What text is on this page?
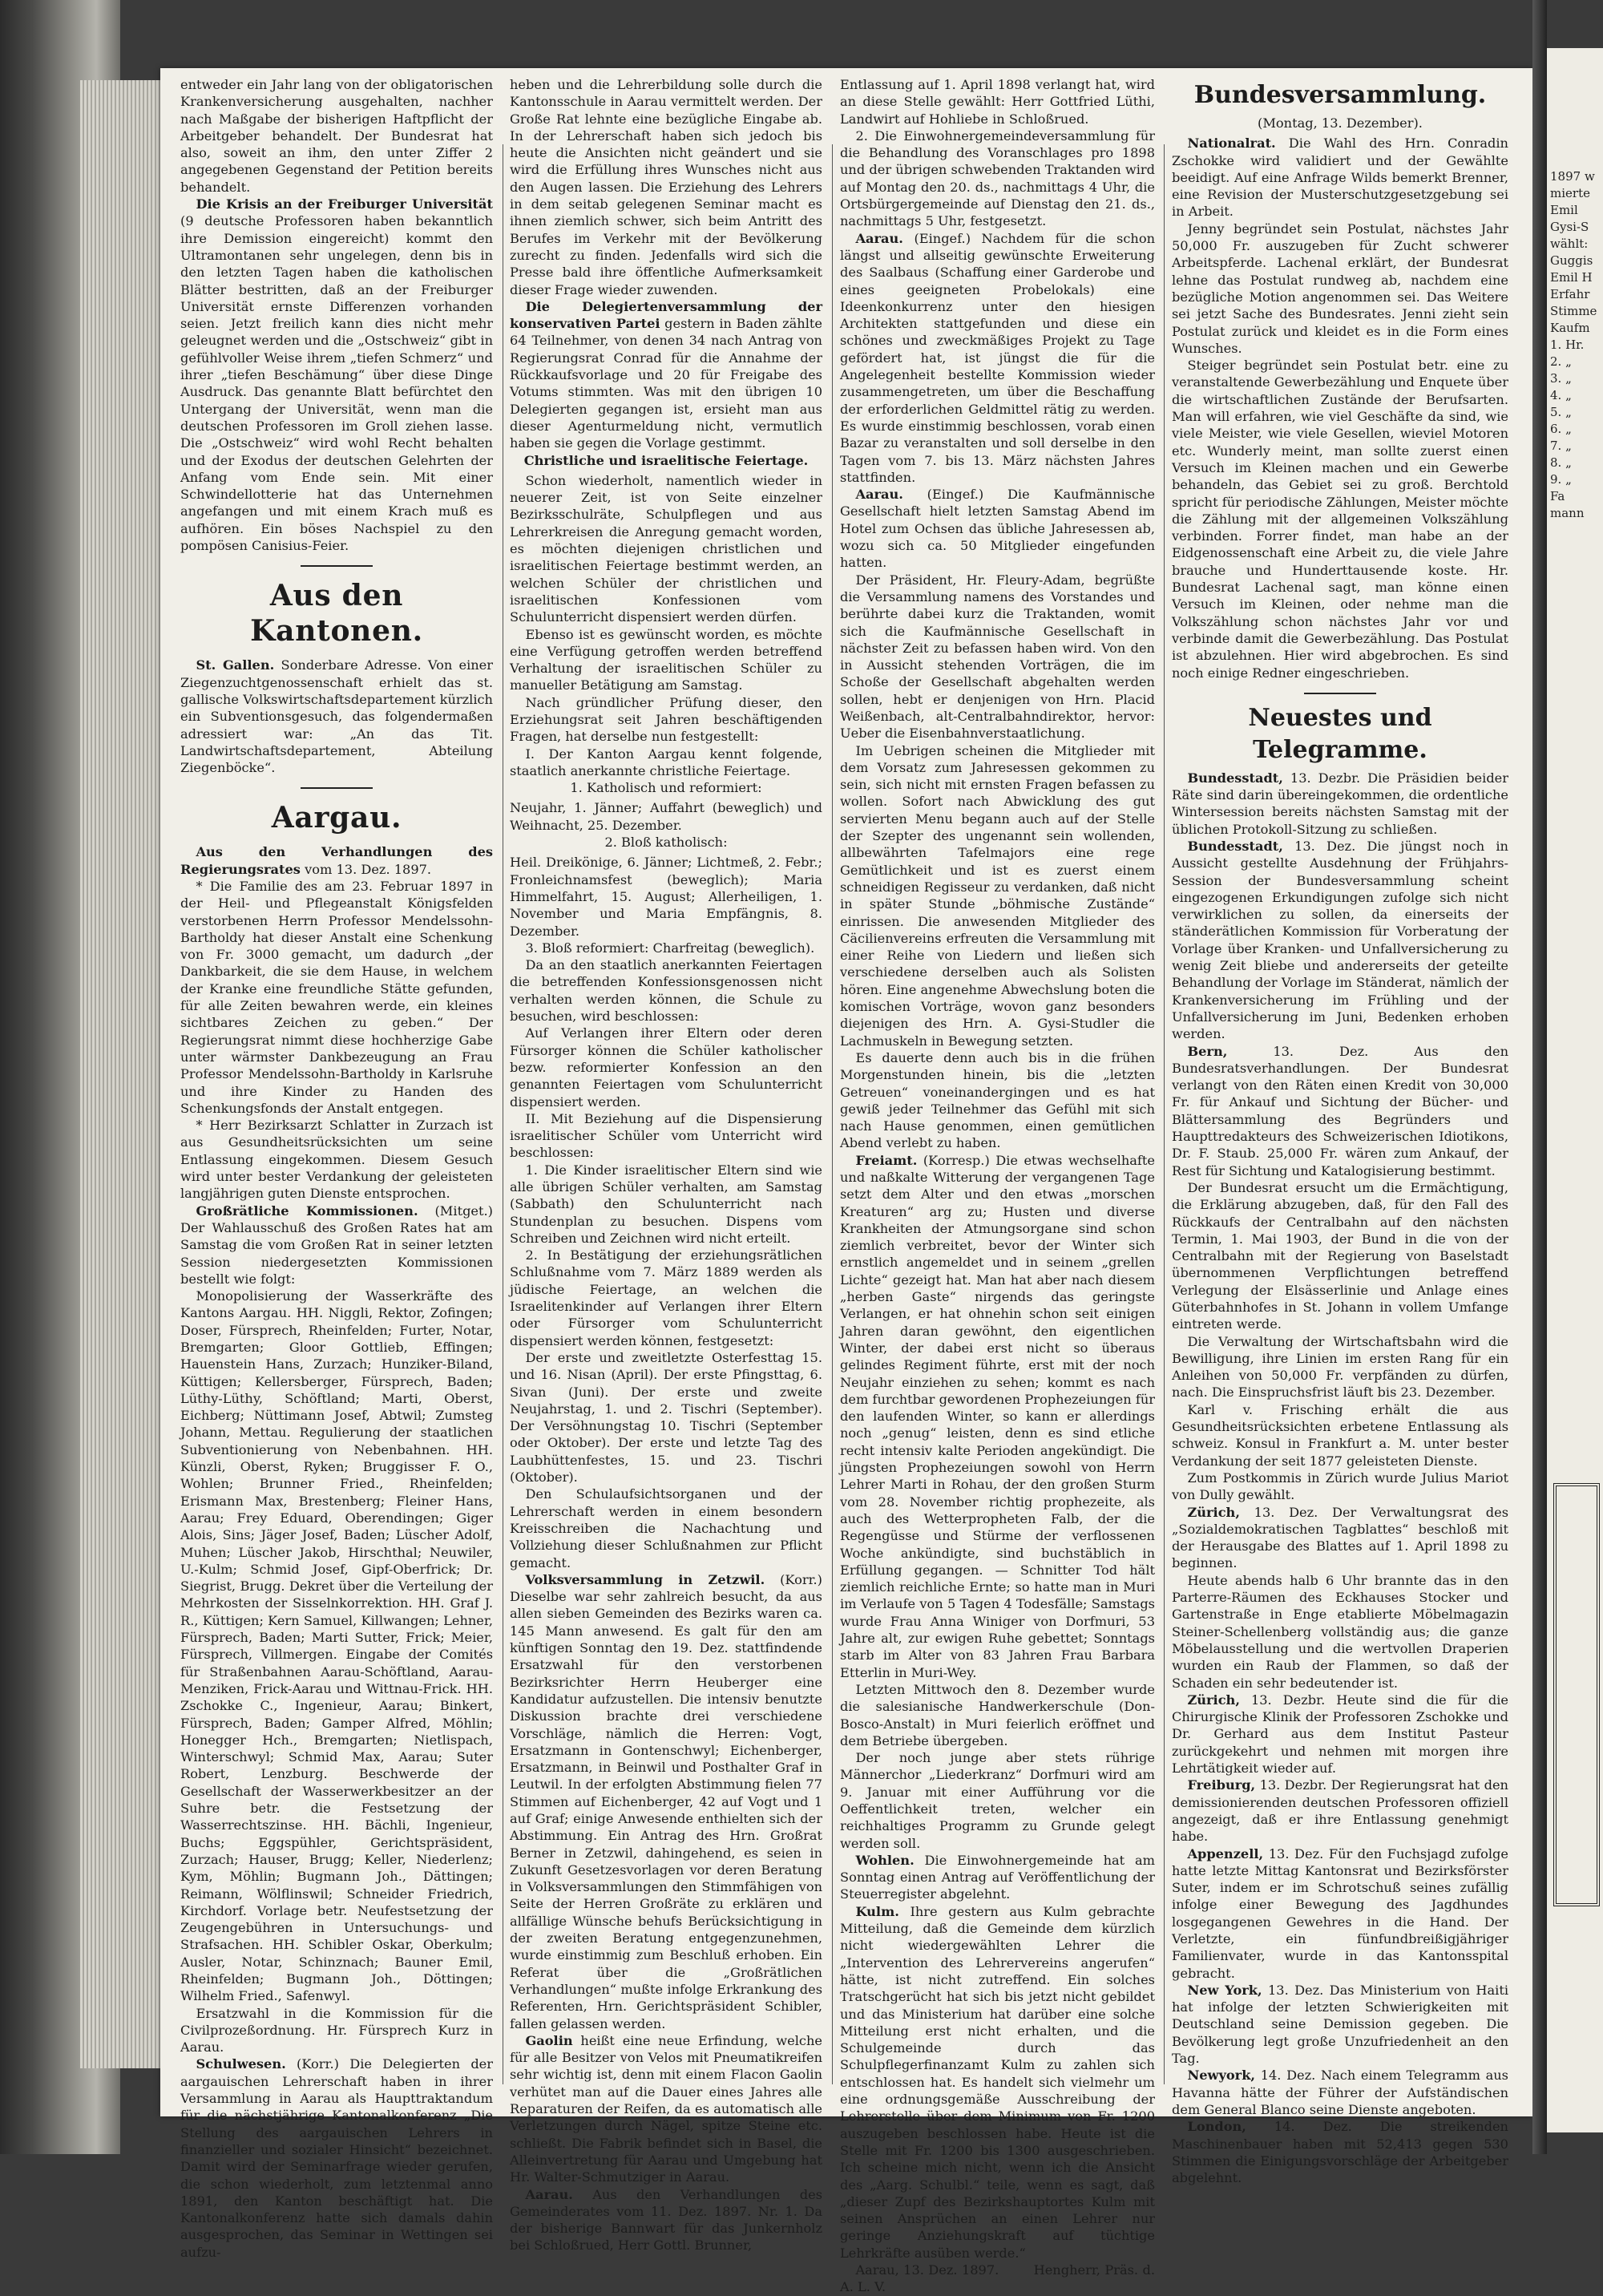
entweder ein Jahr lang von der obligatorischen Krankenversicherung ausgehalten, nachher nach Maßgabe der bisherigen Haftpflicht der Arbeitgeber behandelt. Der Bundesrat hat also, soweit an ihm, den unter Ziffer 2 angegebenen Gegenstand der Petition bereits behandelt.

Die Krisis an der Freiburger Universität (9 deutsche Professoren haben bekanntlich ihre Demission eingereicht) kommt den Ultramontanen sehr ungelegen, denn bis in den letzten Tagen haben die katholischen Blätter bestritten, daß an der Freiburger Universität ernste Differenzen vorhanden seien. Jetzt freilich kann dies nicht mehr geleugnet werden und die „Ostschweiz“ gibt in gefühlvoller Weise ihrem „tiefen Schmerz“ und ihrer „tiefen Beschämung“ über diese Dinge Ausdruck. Das genannte Blatt befürchtet den Untergang der Universität, wenn man die deutschen Professoren im Groll ziehen lasse. Die „Ostschweiz“ wird wohl Recht behalten und der Exodus der deutschen Gelehrten der Anfang vom Ende sein. Mit einer Schwindellotterie hat das Unternehmen angefangen und mit einem Krach muß es aufhören. Ein böses Nachspiel zu den pompösen Canisius-Feier.

Aus den Kantonen.

St. Gallen. Sonderbare Adresse. Von einer Ziegenzuchtgenossenschaft erhielt das st. gallische Volkswirtschaftsdepartement kürzlich ein Subventionsgesuch, das folgendermaßen adressiert war: „An das Tit. Landwirtschaftsdepartement, Abteilung Ziegenböcke“.

Aargau.

Aus den Verhandlungen des Regierungsrates vom 13. Dez. 1897.

* Die Familie des am 23. Februar 1897 in der Heil- und Pflegeanstalt Königsfelden verstorbenen Herrn Professor Mendelssohn-Bartholdy hat dieser Anstalt eine Schenkung von Fr. 3000 gemacht, um dadurch „der Dankbarkeit, die sie dem Hause, in welchem der Kranke eine freundliche Stätte gefunden, für alle Zeiten bewahren werde, ein kleines sichtbares Zeichen zu geben.“ Der Regierungsrat nimmt diese hochherzige Gabe unter wärmster Dankbezeugung an Frau Professor Mendelssohn-Bartholdy in Karlsruhe und ihre Kinder zu Handen des Schenkungsfonds der Anstalt entgegen.

* Herr Bezirksarzt Schlatter in Zurzach ist aus Gesundheitsrücksichten um seine Entlassung eingekommen. Diesem Gesuch wird unter bester Verdankung der geleisteten langjährigen guten Dienste entsprochen.

Großrätliche Kommissionen. (Mitget.) Der Wahlausschuß des Großen Rates hat am Samstag die vom Großen Rat in seiner letzten Session niedergesetzten Kommissionen bestellt wie folgt:

Monopolisierung der Wasserkräfte des Kantons Aargau. HH. Niggli, Rektor, Zofingen; Doser, Fürsprech, Rheinfelden; Furter, Notar, Bremgarten; Gloor Gottlieb, Effingen; Hauenstein Hans, Zurzach; Hunziker-Biland, Küttigen; Kellersberger, Fürsprech, Baden; Lüthy-Lüthy, Schöftland; Marti, Oberst, Eichberg; Nüttimann Josef, Abtwil; Zumsteg Johann, Mettau. Regulierung der staatlichen Subventionierung von Nebenbahnen. HH. Künzli, Oberst, Ryken; Bruggisser F. O., Wohlen; Brunner Fried., Rheinfelden; Erismann Max, Brestenberg; Fleiner Hans, Aarau; Frey Eduard, Oberendingen; Giger Alois, Sins; Jäger Josef, Baden; Lüscher Adolf, Muhen; Lüscher Jakob, Hirschthal; Neuwiler, U.-Kulm; Schmid Josef, Gipf-Oberfrick; Dr. Siegrist, Brugg. Dekret über die Verteilung der Mehrkosten der Sisselnkorrektion. HH. Graf J. R., Küttigen; Kern Samuel, Killwangen; Lehner, Fürsprech, Baden; Marti Sutter, Frick; Meier, Fürsprech, Villmergen. Eingabe der Comités für Straßenbahnen Aarau-Schöftland, Aarau-Menziken, Frick-Aarau und Wittnau-Frick. HH. Zschokke C., Ingenieur, Aarau; Binkert, Fürsprech, Baden; Gamper Alfred, Möhlin; Honegger Hch., Bremgarten; Nietlispach, Winterschwyl; Schmid Max, Aarau; Suter Robert, Lenzburg. Beschwerde der Gesellschaft der Wasserwerkbesitzer an der Suhre betr. die Festsetzung der Wasserrechtszinse. HH. Bächli, Ingenieur, Buchs; Eggspühler, Gerichtspräsident, Zurzach; Hauser, Brugg; Keller, Niederlenz; Kym, Möhlin; Bugmann Joh., Dättingen; Reimann, Wölflinswil; Schneider Friedrich, Kirchdorf. Vorlage betr. Neufestsetzung der Zeugengebühren in Untersuchungs- und Strafsachen. HH. Schibler Oskar, Oberkulm; Ausler, Notar, Schinznach; Bauner Emil, Rheinfelden; Bugmann Joh., Döttingen; Wilhelm Fried., Safenwyl.

Ersatzwahl in die Kommission für die Civilprozeßordnung. Hr. Fürsprech Kurz in Aarau.

Schulwesen. (Korr.) Die Delegierten der aargauischen Lehrerschaft haben in ihrer Versammlung in Aarau als Haupttraktandum für die nächstjährige Kantonalkonferenz „Die Stellung des aargauischen Lehrers in finanzieller und sozialer Hinsicht“ bezeichnet. Damit wird der Seminarfrage wieder gerufen, die schon wiederholt, zum letztenmal anno 1891, den Kanton beschäftigt hat. Die Kantonalkonferenz hatte sich damals dahin ausgesprochen, das Seminar in Wettingen sei aufzu-

heben und die Lehrerbildung solle durch die Kantonsschule in Aarau vermittelt werden. Der Große Rat lehnte eine bezügliche Eingabe ab. In der Lehrerschaft haben sich jedoch bis heute die Ansichten nicht geändert und sie wird die Erfüllung ihres Wunsches nicht aus den Augen lassen. Die Erziehung des Lehrers in dem seitab gelegenen Seminar macht es ihnen ziemlich schwer, sich beim Antritt des Berufes im Verkehr mit der Bevölkerung zurecht zu finden. Jedenfalls wird sich die Presse bald ihre öffentliche Aufmerksamkeit dieser Frage wieder zuwenden.

Die Delegiertenversammlung der konservativen Partei gestern in Baden zählte 64 Teilnehmer, von denen 34 nach Antrag von Regierungsrat Conrad für die Annahme der Rückkaufsvorlage und 20 für Freigabe des Votums stimmten. Was mit den übrigen 10 Delegierten gegangen ist, ersieht man aus dieser Agenturmeldung nicht, vermutlich haben sie gegen die Vorlage gestimmt.

Christliche und israelitische Feiertage.

Schon wiederholt, namentlich wieder in neuerer Zeit, ist von Seite einzelner Bezirksschulräte, Schulpflegen und aus Lehrerkreisen die Anregung gemacht worden, es möchten diejenigen christlichen und israelitischen Feiertage bestimmt werden, an welchen Schüler der christlichen und israelitischen Konfessionen vom Schulunterricht dispensiert werden dürfen.

Ebenso ist es gewünscht worden, es möchte eine Verfügung getroffen werden betreffend Verhaltung der israelitischen Schüler zu manueller Betätigung am Samstag.

Nach gründlicher Prüfung dieser, den Erziehungsrat seit Jahren beschäftigenden Fragen, hat derselbe nun festgestellt:

I. Der Kanton Aargau kennt folgende, staatlich anerkannte christliche Feiertage.

1. Katholisch und reformiert:

Neujahr, 1. Jänner; Auffahrt (beweglich) und Weihnacht, 25. Dezember.

2. Bloß katholisch:

Heil. Dreikönige, 6. Jänner; Lichtmeß, 2. Febr.; Fronleichnamsfest (beweglich); Maria Himmelfahrt, 15. August; Allerheiligen, 1. November und Maria Empfängnis, 8. Dezember.

3. Bloß reformiert: Charfreitag (beweglich).

Da an den staatlich anerkannten Feiertagen die betreffenden Konfessionsgenossen nicht verhalten werden können, die Schule zu besuchen, wird beschlossen:

Auf Verlangen ihrer Eltern oder deren Fürsorger können die Schüler katholischer bezw. reformierter Konfession an den genannten Feiertagen vom Schulunterricht dispensiert werden.

II. Mit Beziehung auf die Dispensierung israelitischer Schüler vom Unterricht wird beschlossen:

1. Die Kinder israelitischer Eltern sind wie alle übrigen Schüler verhalten, am Samstag (Sabbath) den Schulunterricht nach Stundenplan zu besuchen. Dispens vom Schreiben und Zeichnen wird nicht erteilt.

2. In Bestätigung der erziehungsrätlichen Schlußnahme vom 7. März 1889 werden als jüdische Feiertage, an welchen die Israelitenkinder auf Verlangen ihrer Eltern oder Fürsorger vom Schulunterricht dispensiert werden können, festgesetzt:

Der erste und zweitletzte Osterfesttag 15. und 16. Nisan (April). Der erste Pfingsttag, 6. Sivan (Juni). Der erste und zweite Neujahrstag, 1. und 2. Tischri (September). Der Versöhnungstag 10. Tischri (September oder Oktober). Der erste und letzte Tag des Laubhüttenfestes, 15. und 23. Tischri (Oktober).

Den Schulaufsichtsorganen und der Lehrerschaft werden in einem besondern Kreisschreiben die Nachachtung und Vollziehung dieser Schlußnahmen zur Pflicht gemacht.

Volksversammlung in Zetzwil. (Korr.) Dieselbe war sehr zahlreich besucht, da aus allen sieben Gemeinden des Bezirks waren ca. 145 Mann anwesend. Es galt für den am künftigen Sonntag den 19. Dez. stattfindende Ersatzwahl für den verstorbenen Bezirksrichter Herrn Heuberger eine Kandidatur aufzustellen. Die intensiv benutzte Diskussion brachte drei verschiedene Vorschläge, nämlich die Herren: Vogt, Ersatzmann in Gontenschwyl; Eichenberger, Ersatzmann, in Beinwil und Posthalter Graf in Leutwil. In der erfolgten Abstimmung fielen 77 Stimmen auf Eichenberger, 42 auf Vogt und 1 auf Graf; einige Anwesende enthielten sich der Abstimmung. Ein Antrag des Hrn. Großrat Berner in Zetzwil, dahingehend, es seien in Zukunft Gesetzesvorlagen vor deren Beratung in Volksversammlungen den Stimmfähigen von Seite der Herren Großräte zu erklären und allfällige Wünsche behufs Berücksichtigung in der zweiten Beratung entgegenzunehmen, wurde einstimmig zum Beschluß erhoben. Ein Referat über die „Großrätlichen Verhandlungen“ mußte infolge Erkrankung des Referenten, Hrn. Gerichtspräsident Schibler, fallen gelassen werden.

Gaolin heißt eine neue Erfindung, welche für alle Besitzer von Velos mit Pneumatikreifen sehr wichtig ist, denn mit einem Flacon Gaolin verhütet man auf die Dauer eines Jahres alle Reparaturen der Reifen, da es automatisch alle Verletzungen durch Nägel, spitze Steine etc. schließt. Die Fabrik befindet sich in Basel, die Alleinvertretung für Aarau und Umgebung hat Hr. Walter-Schmutziger in Aarau.

Aarau. Aus den Verhandlungen des Gemeinderates vom 11. Dez. 1897. Nr. 1. Da der bisherige Bannwart für das Junkernholz bei Schloßrued, Herr Gottl. Brunner,

Entlassung auf 1. April 1898 verlangt hat, wird an diese Stelle gewählt: Herr Gottfried Lüthi, Landwirt auf Hohliebe in Schloßrued.

2. Die Einwohnergemeindeversammlung für die Behandlung des Voranschlages pro 1898 und der übrigen schwebenden Traktanden wird auf Montag den 20. ds., nachmittags 4 Uhr, die Ortsbürgergemeinde auf Dienstag den 21. ds., nachmittags 5 Uhr, festgesetzt.

Aarau. (Eingef.) Nachdem für die schon längst und allseitig gewünschte Erweiterung des Saalbaus (Schaffung einer Garderobe und eines geeigneten Probelokals) eine Ideenkonkurrenz unter den hiesigen Architekten stattgefunden und diese ein schönes und zweckmäßiges Projekt zu Tage gefördert hat, ist jüngst die für die Angelegenheit bestellte Kommission wieder zusammengetreten, um über die Beschaffung der erforderlichen Geldmittel rätig zu werden. Es wurde einstimmig beschlossen, vorab einen Bazar zu veranstalten und soll derselbe in den Tagen vom 7. bis 13. März nächsten Jahres stattfinden.

Aarau. (Eingef.) Die Kaufmännische Gesellschaft hielt letzten Samstag Abend im Hotel zum Ochsen das übliche Jahresessen ab, wozu sich ca. 50 Mitglieder eingefunden hatten.

Der Präsident, Hr. Fleury-Adam, begrüßte die Versammlung namens des Vorstandes und berührte dabei kurz die Traktanden, womit sich die Kaufmännische Gesellschaft in nächster Zeit zu befassen haben wird. Von den in Aussicht stehenden Vorträgen, die im Schoße der Gesellschaft abgehalten werden sollen, hebt er denjenigen von Hrn. Placid Weißenbach, alt-Centralbahndirektor, hervor: Ueber die Eisenbahnverstaatlichung.

Im Uebrigen scheinen die Mitglieder mit dem Vorsatz zum Jahresessen gekommen zu sein, sich nicht mit ernsten Fragen befassen zu wollen. Sofort nach Abwicklung des gut servierten Menu begann auch auf der Stelle der Szepter des ungenannt sein wollenden, allbewährten Tafelmajors eine rege Gemütlichkeit und ist es zuerst einem schneidigen Regisseur zu verdanken, daß nicht in später Stunde „böhmische Zustände“ einrissen. Die anwesenden Mitglieder des Cäcilienvereins erfreuten die Versammlung mit einer Reihe von Liedern und ließen sich verschiedene derselben auch als Solisten hören. Eine angenehme Abwechslung boten die komischen Vorträge, wovon ganz besonders diejenigen des Hrn. A. Gysi-Studler die Lachmuskeln in Bewegung setzten.

Es dauerte denn auch bis in die frühen Morgenstunden hinein, bis die „letzten Getreuen“ voneinandergingen und es hat gewiß jeder Teilnehmer das Gefühl mit sich nach Hause genommen, einen gemütlichen Abend verlebt zu haben.

Freiamt. (Korresp.) Die etwas wechselhafte und naßkalte Witterung der vergangenen Tage setzt dem Alter und den etwas „morschen Kreaturen“ arg zu; Husten und diverse Krankheiten der Atmungsorgane sind schon ziemlich verbreitet, bevor der Winter sich ernstlich angemeldet und in seinem „grellen Lichte“ gezeigt hat. Man hat aber nach diesem „herben Gaste“ nirgends das geringste Verlangen, er hat ohnehin schon seit einigen Jahren daran gewöhnt, den eigentlichen Winter, der dabei erst nicht so überaus gelindes Regiment führte, erst mit der noch Neujahr einziehen zu sehen; kommt es nach dem furchtbar gewordenen Prophezeiungen für den laufenden Winter, so kann er allerdings noch „genug“ leisten, denn es sind etliche recht intensiv kalte Perioden angekündigt. Die jüngsten Prophezeiungen sowohl von Herrn Lehrer Marti in Rohau, der den großen Sturm vom 28. November richtig prophezeite, als auch des Wetterpropheten Falb, der die Regengüsse und Stürme der verflossenen Woche ankündigte, sind buchstäblich in Erfüllung gegangen. — Schnitter Tod hält ziemlich reichliche Ernte; so hatte man in Muri im Verlaufe von 5 Tagen 4 Todesfälle; Samstags wurde Frau Anna Winiger von Dorfmuri, 53 Jahre alt, zur ewigen Ruhe gebettet; Sonntags starb im Alter von 83 Jahren Frau Barbara Etterlin in Muri-Wey.

Letzten Mittwoch den 8. Dezember wurde die salesianische Handwerkerschule (Don-Bosco-Anstalt) in Muri feierlich eröffnet und dem Betriebe übergeben.

Der noch junge aber stets rührige Männerchor „Liederkranz“ Dorfmuri wird am 9. Januar mit einer Aufführung vor die Oeffentlichkeit treten, welcher ein reichhaltiges Programm zu Grunde gelegt werden soll.

Wohlen. Die Einwohnergemeinde hat am Sonntag einen Antrag auf Veröffentlichung der Steuerregister abgelehnt.

Kulm. Ihre gestern aus Kulm gebrachte Mitteilung, daß die Gemeinde dem kürzlich nicht wiedergewählten Lehrer die „Intervention des Lehrervereins angerufen“ hätte, ist nicht zutreffend. Ein solches Tratschgerücht hat sich bis jetzt nicht gebildet und das Ministerium hat darüber eine solche Mitteilung erst nicht erhalten, und die Schulgemeinde durch das Schulpflegerfinanzamt Kulm zu zahlen sich entschlossen hat. Es handelt sich vielmehr um eine ordnungsgemäße Ausschreibung der Lehrerstelle über dem Minimum von Fr. 1200 auszugeben beschlossen habe. Heute ist die Stelle mit Fr. 1200 bis 1300 ausgeschrieben. Ich scheine mich nicht, wenn ich die Ansicht des „Aarg. Schulbl.“ teile, wenn es sagt, daß „dieser Zupf des Bezirkshauptortes Kulm mit seinen Ansprüchen an einen Lehrer nur geringe Anziehungskraft auf tüchtige Lehrkräfte ausüben werde.“

Aarau, 13. Dez. 1897.	Hengherr, Präs. d. A. L. V.

Bundesversammlung.

(Montag, 13. Dezember).

Nationalrat. Die Wahl des Hrn. Conradin Zschokke wird validiert und der Gewählte beeidigt. Auf eine Anfrage Wilds bemerkt Brenner, eine Revision der Musterschutzgesetzgebung sei in Arbeit.

Jenny begründet sein Postulat, nächstes Jahr 50,000 Fr. auszugeben für Zucht schwerer Arbeitspferde. Lachenal erklärt, der Bundesrat lehne das Postulat rundweg ab, nachdem eine bezügliche Motion angenommen sei. Das Weitere sei jetzt Sache des Bundesrates. Jenni zieht sein Postulat zurück und kleidet es in die Form eines Wunsches.

Steiger begründet sein Postulat betr. eine zu veranstaltende Gewerbezählung und Enquete über die wirtschaftlichen Zustände der Berufsarten. Man will erfahren, wie viel Geschäfte da sind, wie viele Meister, wie viele Gesellen, wieviel Motoren etc. Wunderly meint, man sollte zuerst einen Versuch im Kleinen machen und ein Gewerbe behandeln, das Gebiet sei zu groß. Berchtold spricht für periodische Zählungen, Meister möchte die Zählung mit der allgemeinen Volkszählung verbinden. Forrer findet, man habe an der Eidgenossenschaft eine Arbeit zu, die viele Jahre brauche und Hunderttausende koste. Hr. Bundesrat Lachenal sagt, man könne einen Versuch im Kleinen, oder nehme man die Volkszählung schon nächstes Jahr vor und verbinde damit die Gewerbezählung. Das Postulat ist abzulehnen. Hier wird abgebrochen. Es sind noch einige Redner eingeschrieben.

Neuestes und Telegramme.

Bundesstadt, 13. Dezbr. Die Präsidien beider Räte sind darin übereingekommen, die ordentliche Wintersession bereits nächsten Samstag mit der üblichen Protokoll-Sitzung zu schließen.

Bundesstadt, 13. Dez. Die jüngst noch in Aussicht gestellte Ausdehnung der Frühjahrs-Session der Bundesversammlung scheint eingezogenen Erkundigungen zufolge sich nicht verwirklichen zu sollen, da einerseits der ständerätlichen Kommission für Vorberatung der Vorlage über Kranken- und Unfallversicherung zu wenig Zeit bliebe und andererseits der geteilte Behandlung der Vorlage im Ständerat, nämlich der Krankenversicherung im Frühling und der Unfallversicherung im Juni, Bedenken erhoben werden.

Bern, 13. Dez. Aus den Bundesratsverhandlungen. Der Bundesrat verlangt von den Räten einen Kredit von 30,000 Fr. für Ankauf und Sichtung der Bücher- und Blättersammlung des Begründers und Haupttredakteurs des Schweizerischen Idiotikons, Dr. F. Staub. 25,000 Fr. wären zum Ankauf, der Rest für Sichtung und Katalogisierung bestimmt.

Der Bundesrat ersucht um die Ermächtigung, die Erklärung abzugeben, daß, für den Fall des Rückkaufs der Centralbahn auf den nächsten Termin, 1. Mai 1903, der Bund in die von der Centralbahn mit der Regierung von Baselstadt übernommenen Verpflichtungen betreffend Verlegung der Elsässerlinie und Anlage eines Güterbahnhofes in St. Johann in vollem Umfange eintreten werde.

Die Verwaltung der Wirtschaftsbahn wird die Bewilligung, ihre Linien im ersten Rang für ein Anleihen von 50,000 Fr. verpfänden zu dürfen, nach. Die Einspruchsfrist läuft bis 23. Dezember.

Karl v. Frisching erhält die aus Gesundheitsrücksichten erbetene Entlassung als schweiz. Konsul in Frankfurt a. M. unter bester Verdankung der seit 1877 geleisteten Dienste.

Zum Postkommis in Zürich wurde Julius Mariot von Dully gewählt.

Zürich, 13. Dez. Der Verwaltungsrat des „Sozialdemokratischen Tagblattes“ beschloß mit der Herausgabe des Blattes auf 1. April 1898 zu beginnen.

Heute abends halb 6 Uhr brannte das in den Parterre-Räumen des Eckhauses Stocker und Gartenstraße in Enge etablierte Möbelmagazin Steiner-Schellenberg vollständig aus; die ganze Möbelausstellung und die wertvollen Draperien wurden ein Raub der Flammen, so daß der Schaden ein sehr bedeutender ist.

Zürich, 13. Dezbr. Heute sind die für die Chirurgische Klinik der Professoren Zschokke und Dr. Gerhard aus dem Institut Pasteur zurückgekehrt und nehmen mit morgen ihre Lehrtätigkeit wieder auf.

Freiburg, 13. Dezbr. Der Regierungsrat hat den demissionierenden deutschen Professoren offiziell angezeigt, daß er ihre Entlassung genehmigt habe.

Appenzell, 13. Dez. Für den Fuchsjagd zufolge hatte letzte Mittag Kantonsrat und Bezirksförster Suter, indem er im Schrotschuß seines zufällig infolge einer Bewegung des Jagdhundes losgegangenen Gewehres in die Hand. Der Verletzte, ein fünfundbreißigjähriger Familienvater, wurde in das Kantonsspital gebracht.

New York, 13. Dez. Das Ministerium von Haiti hat infolge der letzten Schwierigkeiten mit Deutschland seine Demission gegeben. Die Bevölkerung legt große Unzufriedenheit an den Tag.

Newyork, 14. Dez. Nach einem Telegramm aus Havanna hätte der Führer der Aufständischen dem General Blanco seine Dienste angeboten.

London, 14. Dez. Die streikenden Maschinenbauer haben mit 52,413 gegen 530 Stimmen die Einigungsvorschläge der Arbeitgeber abgelehnt.

1897 w
mierte
Emil
Gysi-S
wählt:
Guggis
Emil H
Erfahr
Stimme
Kaufm
1. Hr.
2. „
3. „
4. „
5. „
6. „
7. „
8. „
9. „
Fa
mann
